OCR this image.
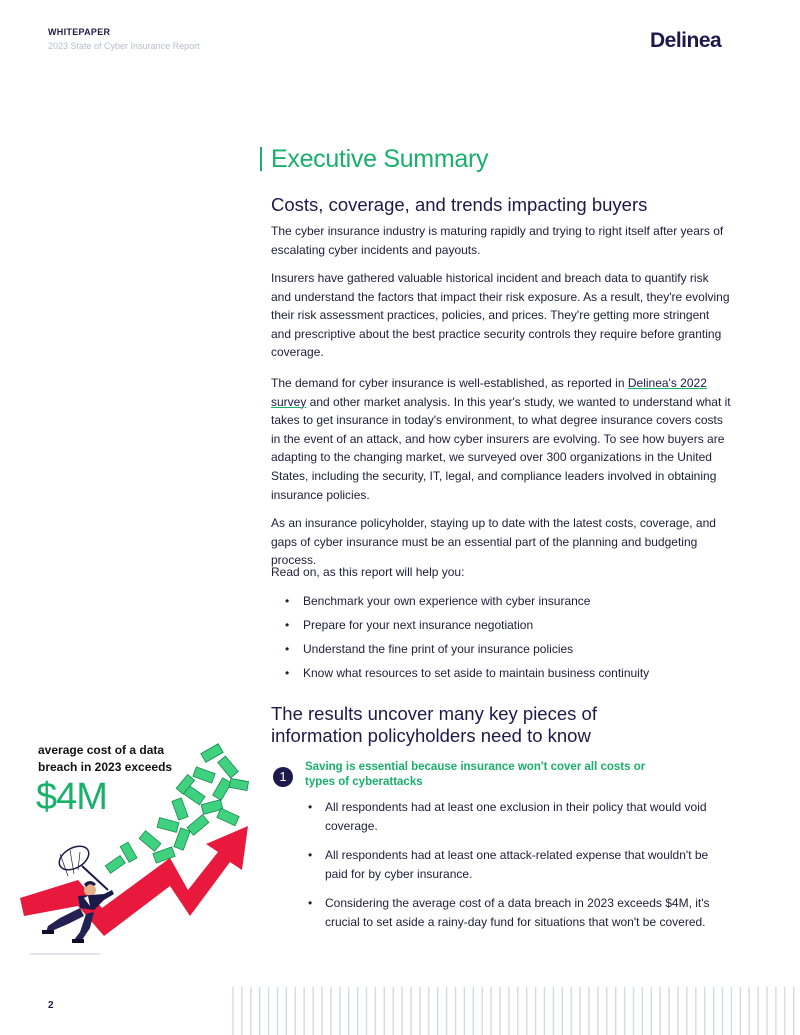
WHITEPAPER
2023 State of Cyber Insurance Report	Delinea
Executive Summary
Costs, coverage, and trends impacting buyers

The cyber insurance industry is maturing rapidly and trying to right itself after years of escalating cyber incidents and payouts.

Insurers have gathered valuable historical incident and breach data to quantify risk and understand the factors that impact their risk exposure. As a result, they're evolving their risk assessment practices, policies, and prices. They're getting more stringent and prescriptive about the best practice security controls they require before granting coverage.

The demand for cyber insurance is well-established, as reported in Delinea's 2022 survey and other market analysis. In this year's study, we wanted to understand what it takes to get insurance in today's environment, to what degree insurance covers costs in the event of an attack, and how cyber insurers are evolving. To see how buyers are adapting to the changing market, we surveyed over 300 organizations in the United States, including the security, IT, legal, and compliance leaders involved in obtaining insurance policies.

As an insurance policyholder, staying up to date with the latest costs, coverage, and gaps of cyber insurance must be an essential part of the planning and budgeting process.

Read on, as this report will help you:

•	Benchmark your own experience with cyber insurance
•	Prepare for your next insurance negotiation
•	Understand the fine print of your insurance policies
•	Know what resources to set aside to maintain business continuity
The results uncover many key pieces of information policyholders need to know
1
Saving is essential because insurance won't cover all costs or types of cyberattacks
•	All respondents had at least one exclusion in their policy that would void coverage.
•	All respondents had at least one attack-related expense that wouldn't be paid for by cyber insurance.
•	Considering the average cost of a data breach in 2023 exceeds $4M, it's crucial to set aside a rainy-day fund for situations that won't be covered.
average cost of a data breach in 2023 exceeds
$4M
2
